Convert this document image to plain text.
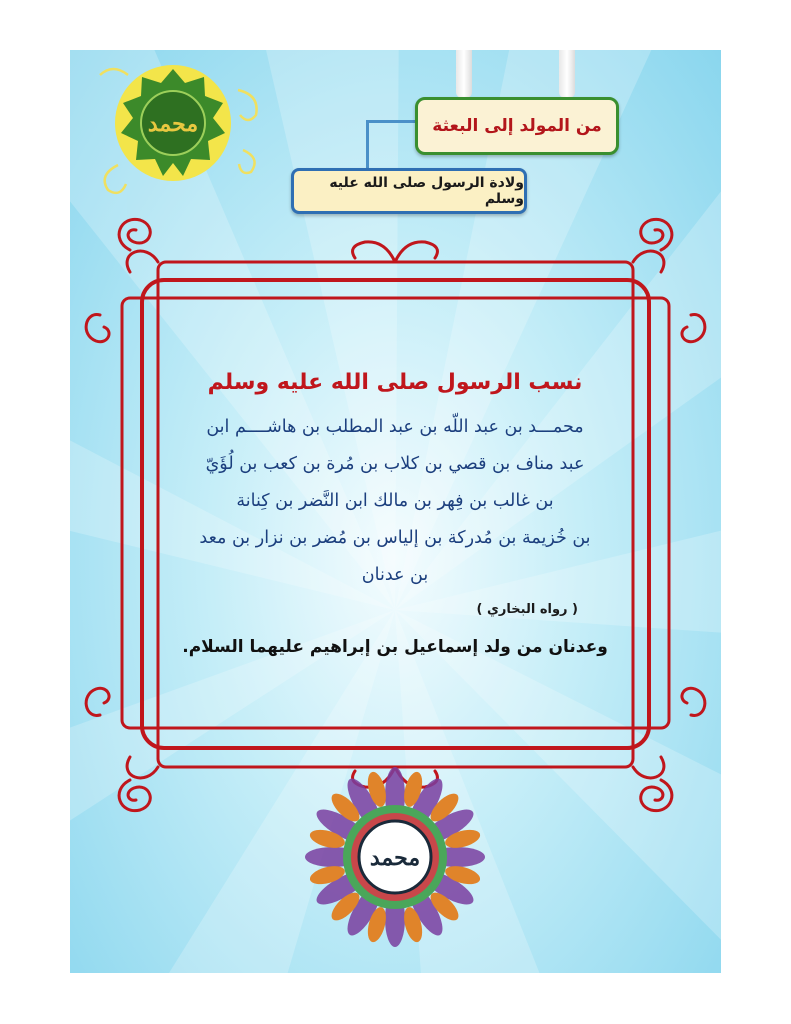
من المولد إلى البعثة
ولادة الرسول صلى الله عليه وسلم
محمد
نسب الرسول صلى الله عليه وسلم
محمـــد بن عبد اللّه بن عبد المطلب بن هاشــــم ابن
عبد مناف بن قصي بن كلاب بن مُرة بن كعب بن لُؤَيّ
بن غالب بن فِهر بن مالك ابن النَّضر بن كِنانة
بن خُزيمة بن مُدركة بن إلياس بن مُضر بن نزار بن معد
بن عدنان
( رواه البخاري )
وعدنان من ولد إسماعيل بن إبراهيم عليهما السلام.
محمد
